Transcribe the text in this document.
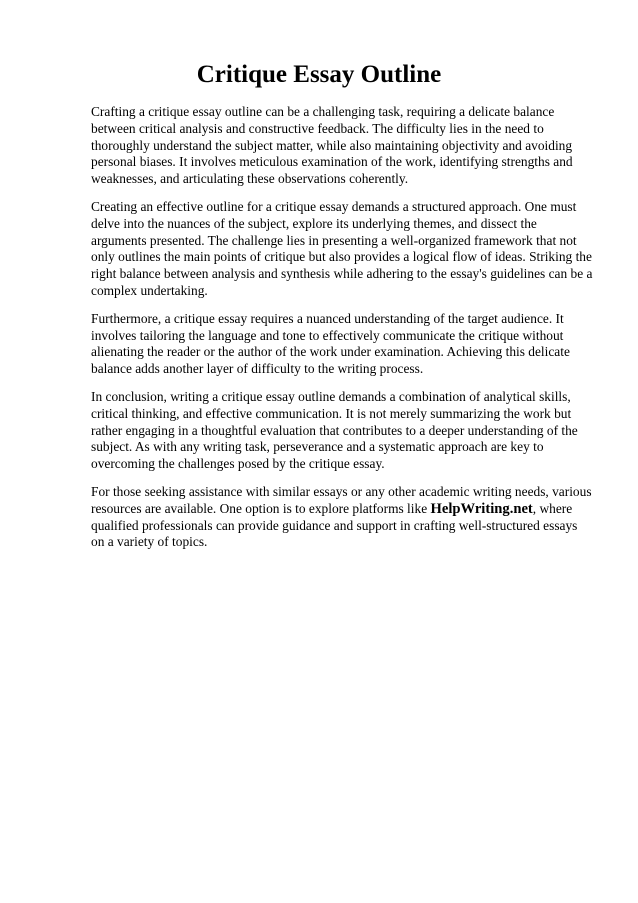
Critique Essay Outline

Crafting a critique essay outline can be a challenging task, requiring a delicate balance between critical analysis and constructive feedback. The difficulty lies in the need to thoroughly understand the subject matter, while also maintaining objectivity and avoiding personal biases. It involves meticulous examination of the work, identifying strengths and weaknesses, and articulating these observations coherently.

Creating an effective outline for a critique essay demands a structured approach. One must delve into the nuances of the subject, explore its underlying themes, and dissect the arguments presented. The challenge lies in presenting a well-organized framework that not only outlines the main points of critique but also provides a logical flow of ideas. Striking the right balance between analysis and synthesis while adhering to the essay's guidelines can be a complex undertaking.

Furthermore, a critique essay requires a nuanced understanding of the target audience. It involves tailoring the language and tone to effectively communicate the critique without alienating the reader or the author of the work under examination. Achieving this delicate balance adds another layer of difficulty to the writing process.

In conclusion, writing a critique essay outline demands a combination of analytical skills, critical thinking, and effective communication. It is not merely summarizing the work but rather engaging in a thoughtful evaluation that contributes to a deeper understanding of the subject. As with any writing task, perseverance and a systematic approach are key to overcoming the challenges posed by the critique essay.

For those seeking assistance with similar essays or any other academic writing needs, various resources are available. One option is to explore platforms like HelpWriting.net, where qualified professionals can provide guidance and support in crafting well-structured essays on a variety of topics.
